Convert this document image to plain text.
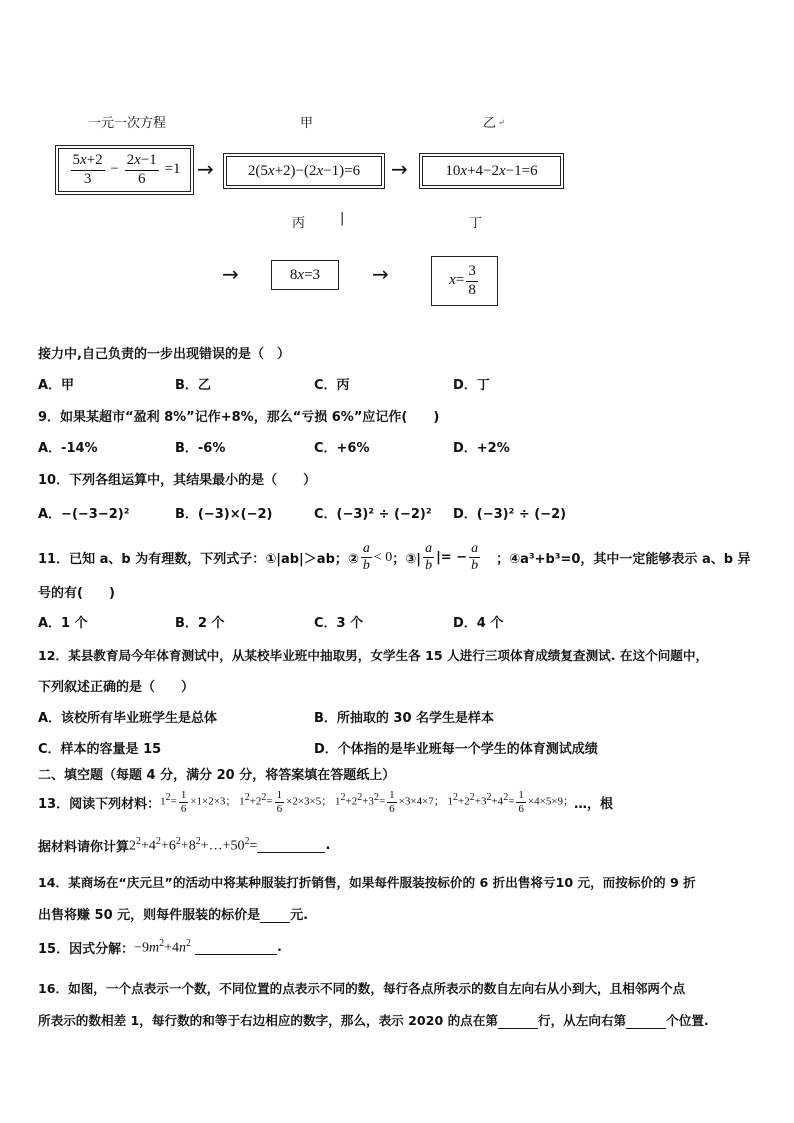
一元一次方程	甲	乙 ↵
$\frac{5x+2}{3} - \frac{2x-1}{6} =1 \to 2(5x+2)-(2x-1)=6$ →	10x+4−2x−1=6
丙	|	丁
→	8x=3	→	$x= \frac{3}{8}$
接力中,自己负责的一步出现错误的是（　）
A．甲	B．乙	C．丙	D．丁
9．如果某超市“盈利 8%”记作+8%，那么“亏损 6%”应记作(　　)
A．-14%	B．-6%	C．+6%	D．+2%
10．下列各组运算中，其结果最小的是（　　）
A．−(−3−2)²	B．(−3)×(−2)	C．(−3)² ÷ (−2)² D．(−3)² ÷ (−2)
11．已知 a、b 为有理数，下列式子：①|ab|＞ab；② $\frac{a}{b} < 0$ ；③| $\frac{a}{b}$ |= − $\frac{a}{b}$ ；④a³+b³=0，其中一定能够表示 a、b 异
号的有(　　)
A．1 个	B．2 个	C．3 个	D．4 个
12．某县教育局今年体育测试中，从某校毕业班中抽取男，女学生各 15 人进行三项体育成绩复查测试. 在这个问题中，
下列叙述正确的是（　　）
A．该校所有毕业班学生是总体	B．所抽取的 30 名学生是样本
C．样本的容量是 15	D．个体指的是毕业班每一个学生的体育测试成绩
二、填空题（每题 4 分，满分 20 分，将答案填在答题纸上）
13．阅读下列材料： $1^2= \frac{1}{6} \times 1\times 2\times 3$； $1^2+2^2= \frac{1}{6} \times 2\times 3\times 5$； $1^2+2^2+3^2= \frac{1}{6} \times 3\times 4\times 7$； $1^2+2^2+3^2+4^2= \frac{1}{6} \times 4\times 5\times 9$； …，根
据材料请你计算 $2^2+4^2+6^2+8^2+\dots+50^2=$	.
14．某商场在“庆元旦”的活动中将某种服装打折销售，如果每件服装按标价的 6 折出售将亏10 元，而按标价的 9 折
出售将赚 50 元，则每件服装的标价是 元.
15．因式分解： $-9m^2+4n^2$	.
16．如图，一个点表示一个数，不同位置的点表示不同的数，每行各点所表示的数自左向右从小到大，且相邻两个点
所表示的数相差 1，每行数的和等于右边相应的数字，那么，表示 2020 的点在第	行，从左向右第	个位置.
